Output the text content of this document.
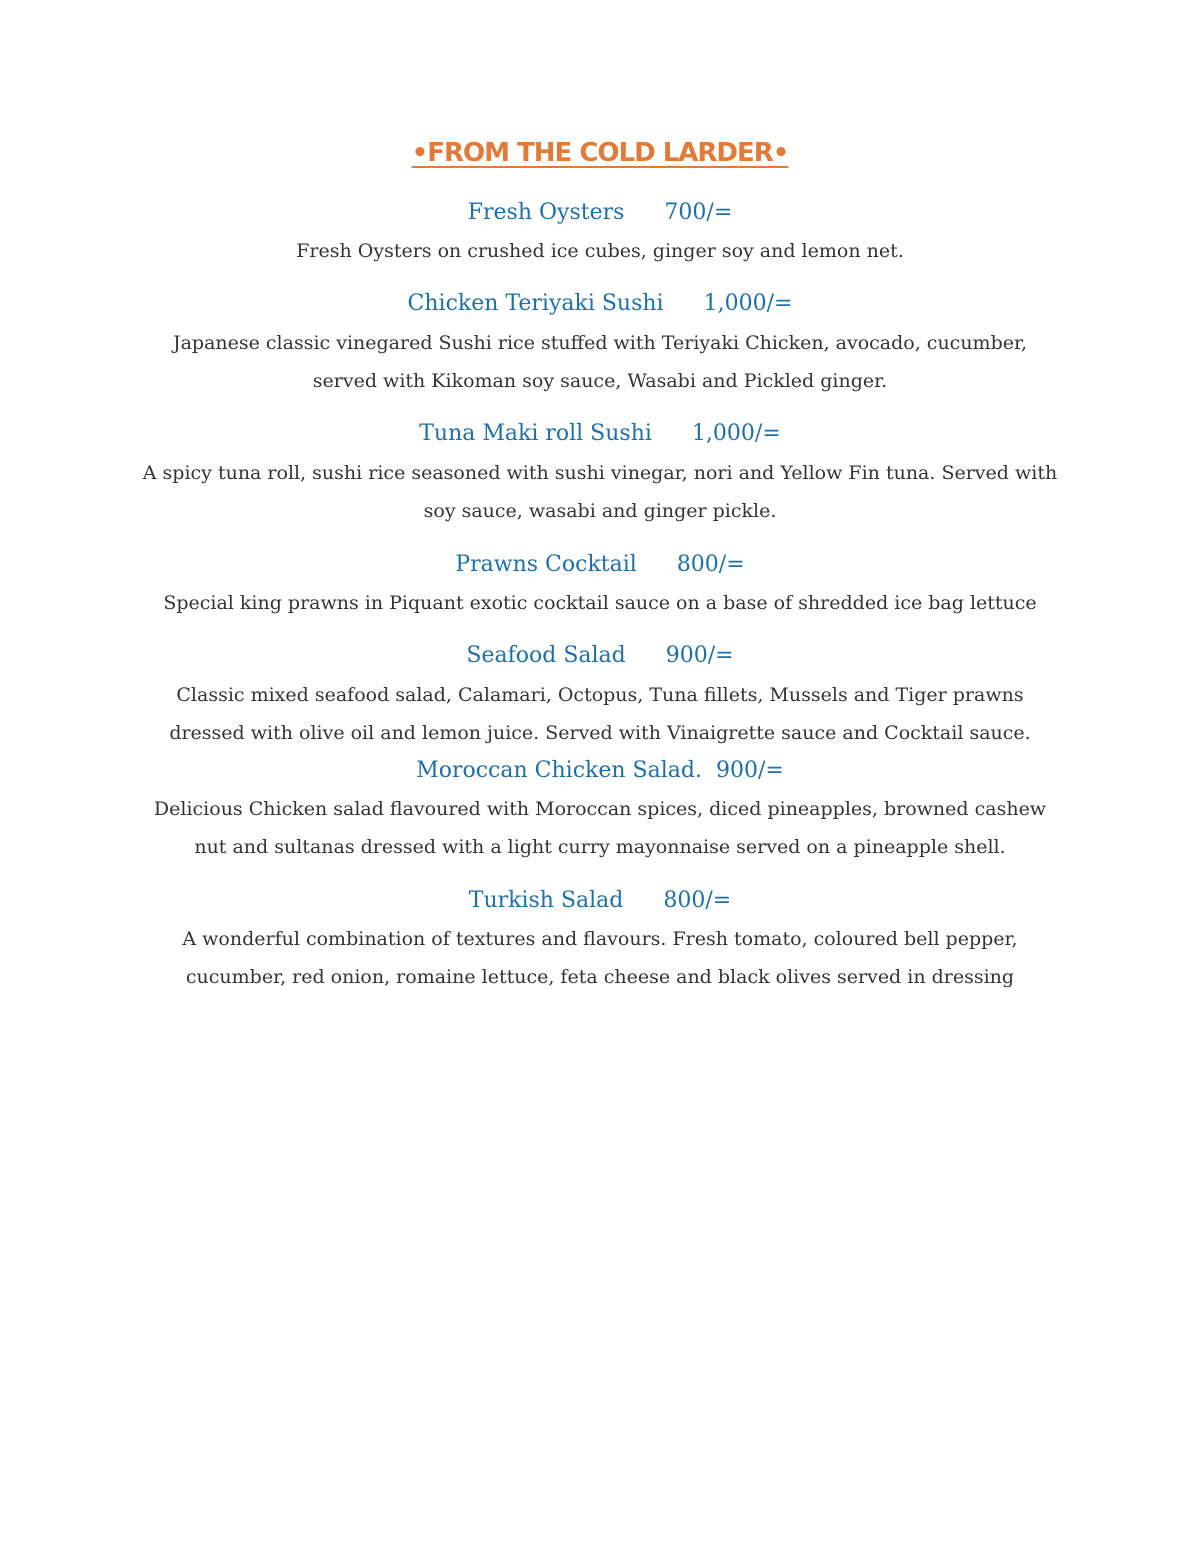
•FROM THE COLD LARDER•
Fresh Oysters 700/=
Fresh Oysters on crushed ice cubes, ginger soy and lemon net.
Chicken Teriyaki Sushi 1,000/=
Japanese classic vinegared Sushi rice stuffed with Teriyaki Chicken, avocado, cucumber, served with Kikoman soy sauce, Wasabi and Pickled ginger.
Tuna Maki roll Sushi 1,000/=
A spicy tuna roll, sushi rice seasoned with sushi vinegar, nori and Yellow Fin tuna. Served with soy sauce, wasabi and ginger pickle.
Prawns Cocktail 800/=
Special king prawns in Piquant exotic cocktail sauce on a base of shredded ice bag lettuce
Seafood Salad 900/=
Classic mixed seafood salad, Calamari, Octopus, Tuna fillets, Mussels and Tiger prawns dressed with olive oil and lemon juice. Served with Vinaigrette sauce and Cocktail sauce.
Moroccan Chicken Salad. 900/=
Delicious Chicken salad flavoured with Moroccan spices, diced pineapples, browned cashew nut and sultanas dressed with a light curry mayonnaise served on a pineapple shell.
Turkish Salad 800/=
A wonderful combination of textures and flavours. Fresh tomato, coloured bell pepper, cucumber, red onion, romaine lettuce, feta cheese and black olives served in dressing
